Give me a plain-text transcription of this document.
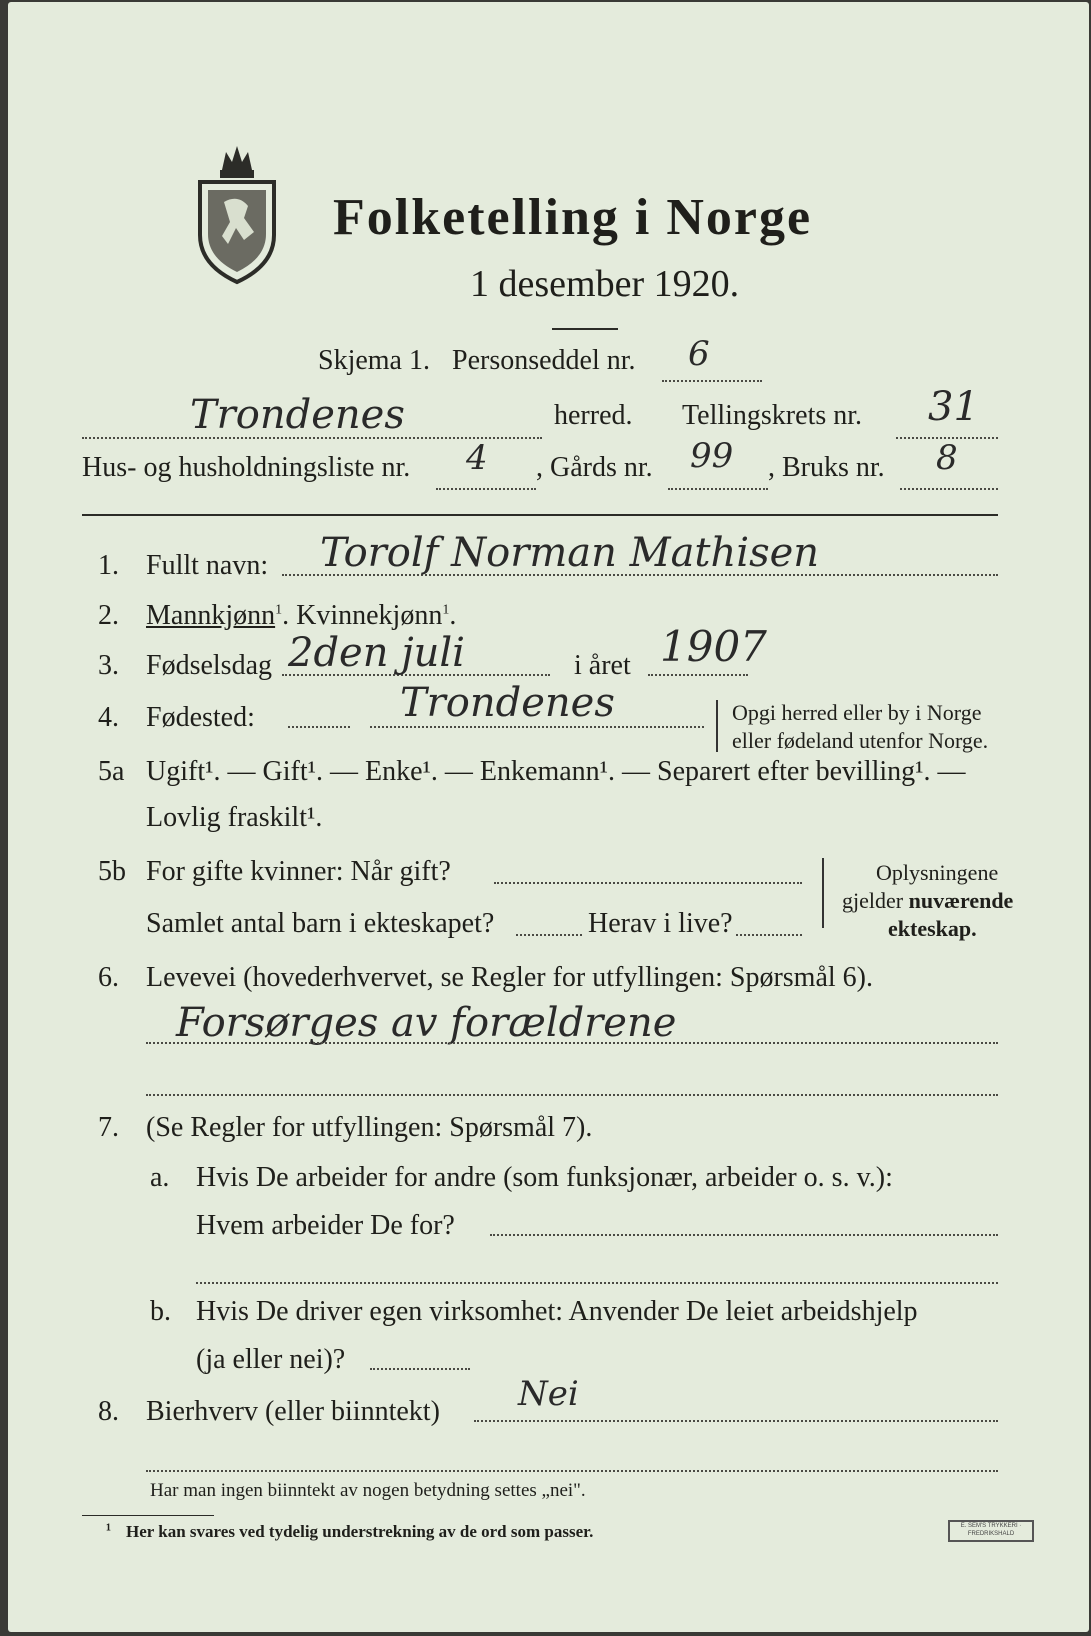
Folketelling i Norge
1 desember 1920.
Skjema 1. Personseddel nr. 6
Trondenes	herred. Tellingskrets nr. 31
Hus- og husholdningsliste nr. 4 , Gårds nr. 99 , Bruks nr. 8
1. Fullt navn: Torolf Norman Mathisen
2. Mannkjønn$^1$. Kvinnekjønn$^1$.
3. Fødselsdag 2den juli	i året 1907
4. Fødested:	Trondenes	Opgi herred eller by i Norge
eller fødeland utenfor Norge.
5a Ugift¹. — Gift¹. — Enke¹. — Enkemann¹. — Separert efter bevilling¹. —
Lovlig fraskilt¹.
5b For gifte kvinner: Når gift?
Samlet antal barn i ekteskapet?	Herav i live?
Oplysningene
gjelder nuværende
ekteskap.
6. Levevei (hovederhvervet, se Regler for utfyllingen: Spørsmål 6).
Forsørges av forældrene
7. (Se Regler for utfyllingen: Spørsmål 7).
a. Hvis De arbeider for andre (som funksjonær, arbeider o. s. v.):
Hvem arbeider De for?
b. Hvis De driver egen virksomhet: Anvender De leiet arbeidshjelp
(ja eller nei)?
8. Bierhverv (eller biinntekt) Nei
Har man ingen biinntekt av nogen betydning settes „nei".
¹ Her kan svares ved tydelig understrekning av de ord som passer.	E. SEM'S TRYKKERI · FREDRIKSHALD
